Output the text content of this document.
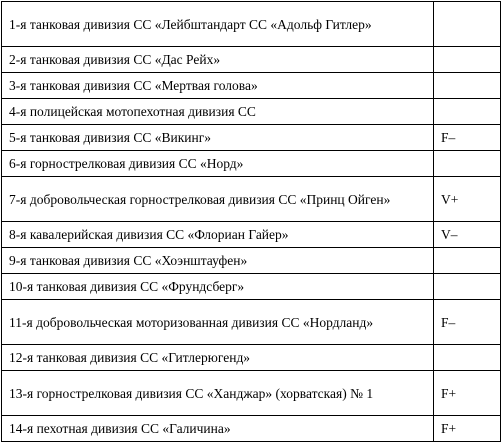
1-я танковая дивизия СС «Лейбштандарт СС «Адольф Гитлер»	
2-я танковая дивизия СС «Дас Рейх»	
3-я танковая дивизия СС «Мертвая голова»	
4-я полицейская мотопехотная дивизия СС	
5-я танковая дивизия СС «Викинг»	F–
6-я горнострелковая дивизия СС «Норд»	
7-я добровольческая горнострелковая дивизия СС «Принц Ойген»	V+
8-я кавалерийская дивизия СС «Флориан Гайер»	V–
9-я танковая дивизия СС «Хоэнштауфен»	
10-я танковая дивизия СС «Фрундсберг»	
11-я добровольческая моторизованная дивизия СС «Нордланд»	F–
12-я танковая дивизия СС «Гитлерюгенд»	
13-я горнострелковая дивизия СС «Ханджар» (хорватская) № 1	F+
14-я пехотная дивизия СС «Галичина»	F+
